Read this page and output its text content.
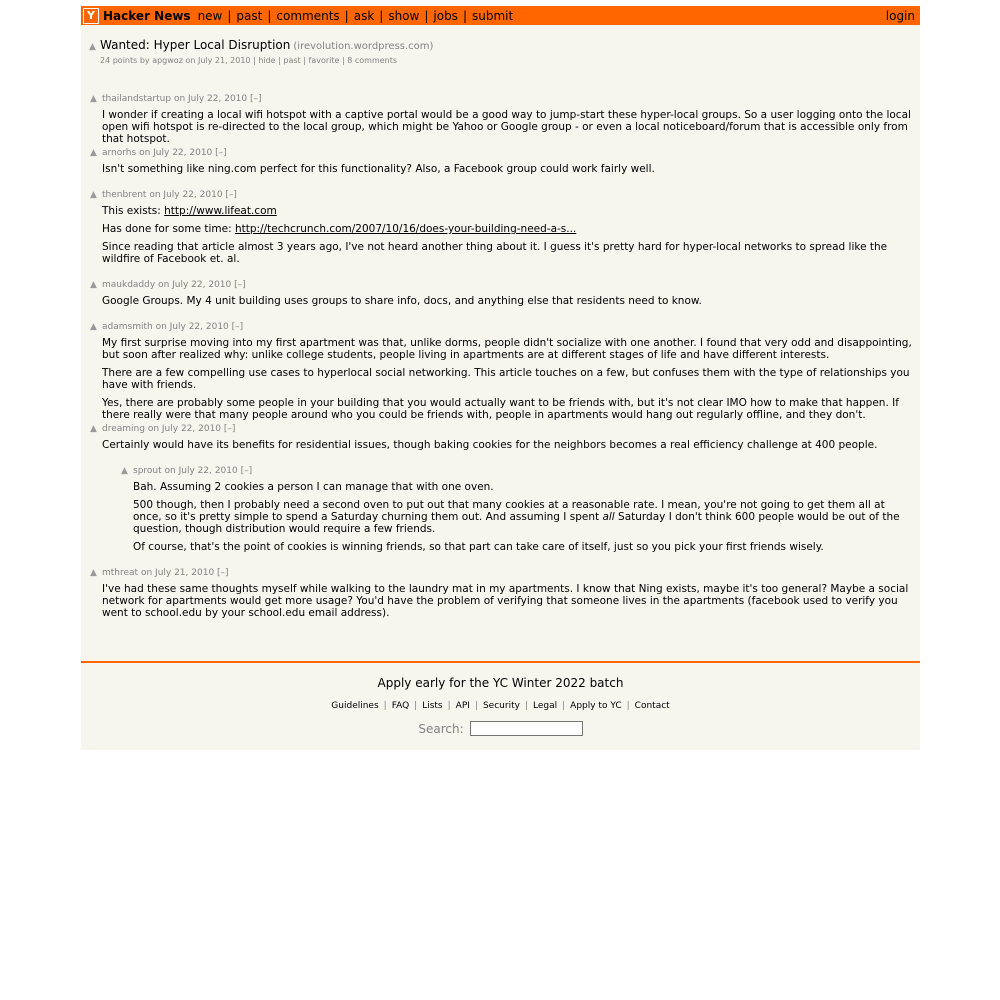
Y Hacker News new | past | comments | ask | show | jobs | submit	login
▲ Wanted: Hyper Local Disruption (irevolution.wordpress.com)
24 points by apgwoz on July 21, 2010 | hide | past | favorite | 8 comments
▲ thailandstartup
on July 22, 2010
[–]

I wonder if creating a local wifi hotspot with a captive portal would be a good way to jump-start these hyper-local groups. So a user logging onto the local open wifi hotspot is re-directed to the local group, which might be Yahoo or Google group - or even a local noticeboard/forum that is accessible only from that hotspot.

▲ arnorhs
on July 22, 2010
[–]

Isn't something like ning.com perfect for this functionality? Also, a Facebook group could work fairly well.

▲ thenbrent
on July 22, 2010
[–]

This exists: http://www.lifeat.com

Has done for some time: http://techcrunch.com/2007/10/16/does-your-building-need-a-s...

Since reading that article almost 3 years ago, I've not heard another thing about it. I guess it's pretty hard for hyper-local networks to spread like the wildfire of Facebook et. al.

▲ maukdaddy
on July 22, 2010
[–]

Google Groups. My 4 unit building uses groups to share info, docs, and anything else that residents need to know.

▲ adamsmith
on July 22, 2010
[–]

My first surprise moving into my first apartment was that, unlike dorms, people didn't socialize with one another. I found that very odd and disappointing, but soon after realized why: unlike college students, people living in apartments are at different stages of life and have different interests.

There are a few compelling use cases to hyperlocal social networking. This article touches on a few, but confuses them with the type of relationships you have with friends.

Yes, there are probably some people in your building that you would actually want to be friends with, but it's not clear IMO how to make that happen. If there really were that many people around who you could be friends with, people in apartments would hang out regularly offline, and they don't.

▲ dreaming
on July 22, 2010
[–]

Certainly would have its benefits for residential issues, though baking cookies for the neighbors becomes a real efficiency challenge at 400 people.

▲ sprout
on July 22, 2010
[–]

Bah. Assuming 2 cookies a person I can manage that with one oven.

500 though, then I probably need a second oven to put out that many cookies at a reasonable rate. I mean, you're not going to get them all at once, so it's pretty simple to spend a Saturday churning them out. And assuming I spent all Saturday I don't think 600 people would be out of the question, though distribution would require a few friends.

Of course, that's the point of cookies is winning friends, so that part can take care of itself, just so you pick your first friends wisely.

▲ mthreat
on July 21, 2010
[–]

I've had these same thoughts myself while walking to the laundry mat in my apartments. I know that Ning exists, maybe it's too general? Maybe a social network for apartments would get more usage? You'd have the problem of verifying that someone lives in the apartments (facebook used to verify you went to school.edu by your school.edu email address).

Apply early for the YC Winter 2022 batch
Guidelines | FAQ | Lists | API | Security | Legal | Apply to YC | Contact
Search:
